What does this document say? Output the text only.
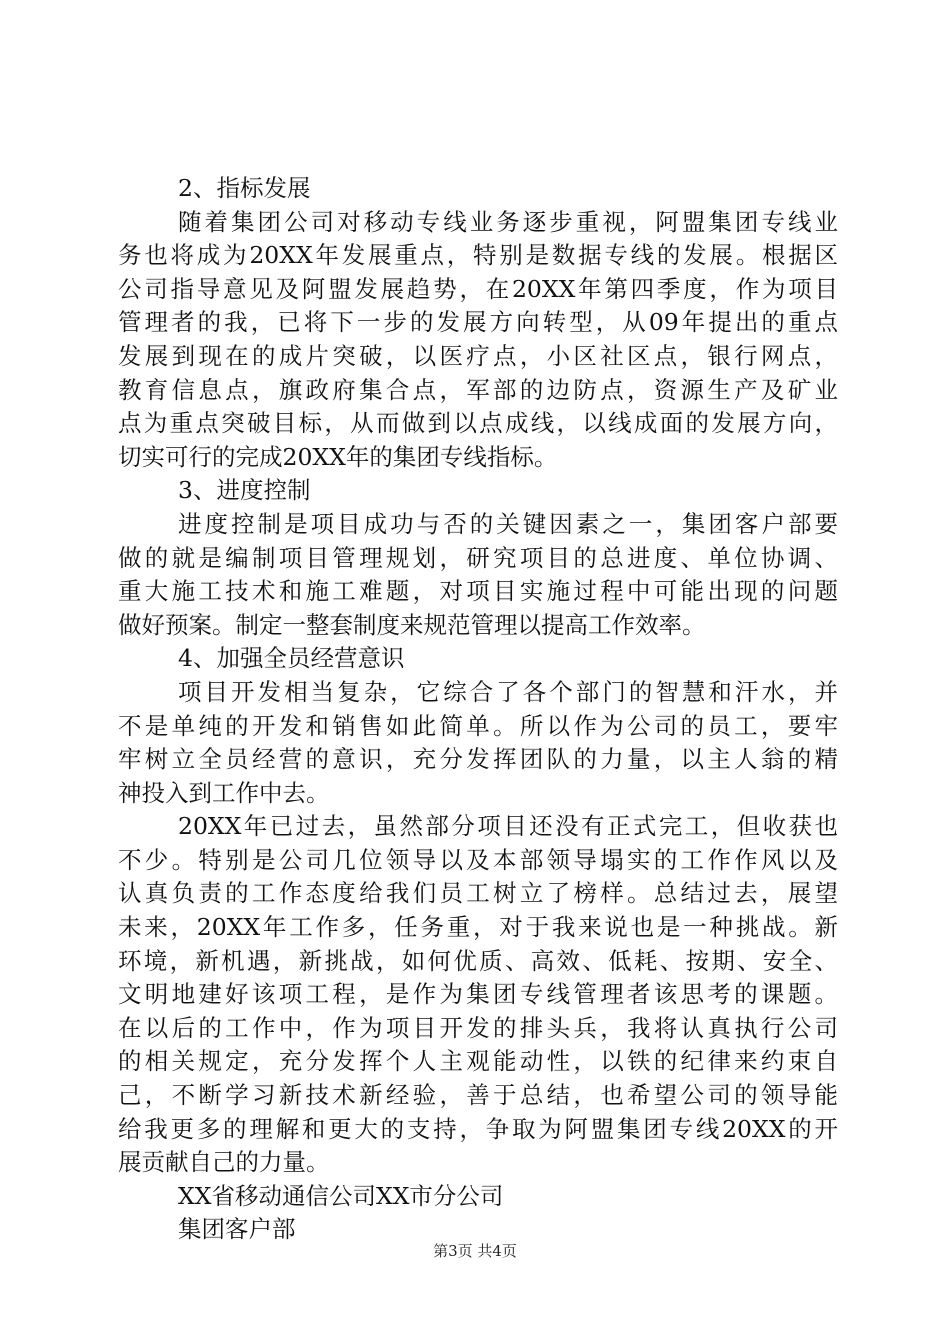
2、指标发展
随着集团公司对移动专线业务逐步重视，阿盟集团专线业
务也将成为20XX年发展重点，特别是数据专线的发展。根据区
公司指导意见及阿盟发展趋势，在20XX年第四季度，作为项目
管理者的我，已将下一步的发展方向转型，从09年提出的重点
发展到现在的成片突破，以医疗点，小区社区点，银行网点，
教育信息点，旗政府集合点，军部的边防点，资源生产及矿业
点为重点突破目标，从而做到以点成线，以线成面的发展方向，
切实可行的完成20XX年的集团专线指标。
3、进度控制
进度控制是项目成功与否的关键因素之一，集团客户部要
做的就是编制项目管理规划，研究项目的总进度、单位协调、
重大施工技术和施工难题，对项目实施过程中可能出现的问题
做好预案。制定一整套制度来规范管理以提高工作效率。
4、加强全员经营意识
项目开发相当复杂，它综合了各个部门的智慧和汗水，并
不是单纯的开发和销售如此简单。所以作为公司的员工，要牢
牢树立全员经营的意识，充分发挥团队的力量，以主人翁的精
神投入到工作中去。
20XX年已过去，虽然部分项目还没有正式完工，但收获也
不少。特别是公司几位领导以及本部领导塌实的工作作风以及
认真负责的工作态度给我们员工树立了榜样。总结过去，展望
未来，20XX年工作多，任务重，对于我来说也是一种挑战。新
环境，新机遇，新挑战，如何优质、高效、低耗、按期、安全、
文明地建好该项工程，是作为集团专线管理者该思考的课题。
在以后的工作中，作为项目开发的排头兵，我将认真执行公司
的相关规定，充分发挥个人主观能动性，以铁的纪律来约束自
己，不断学习新技术新经验，善于总结，也希望公司的领导能
给我更多的理解和更大的支持，争取为阿盟集团专线20XX的开
展贡献自己的力量。
XX省移动通信公司XX市分公司
集团客户部
第3页 共4页
